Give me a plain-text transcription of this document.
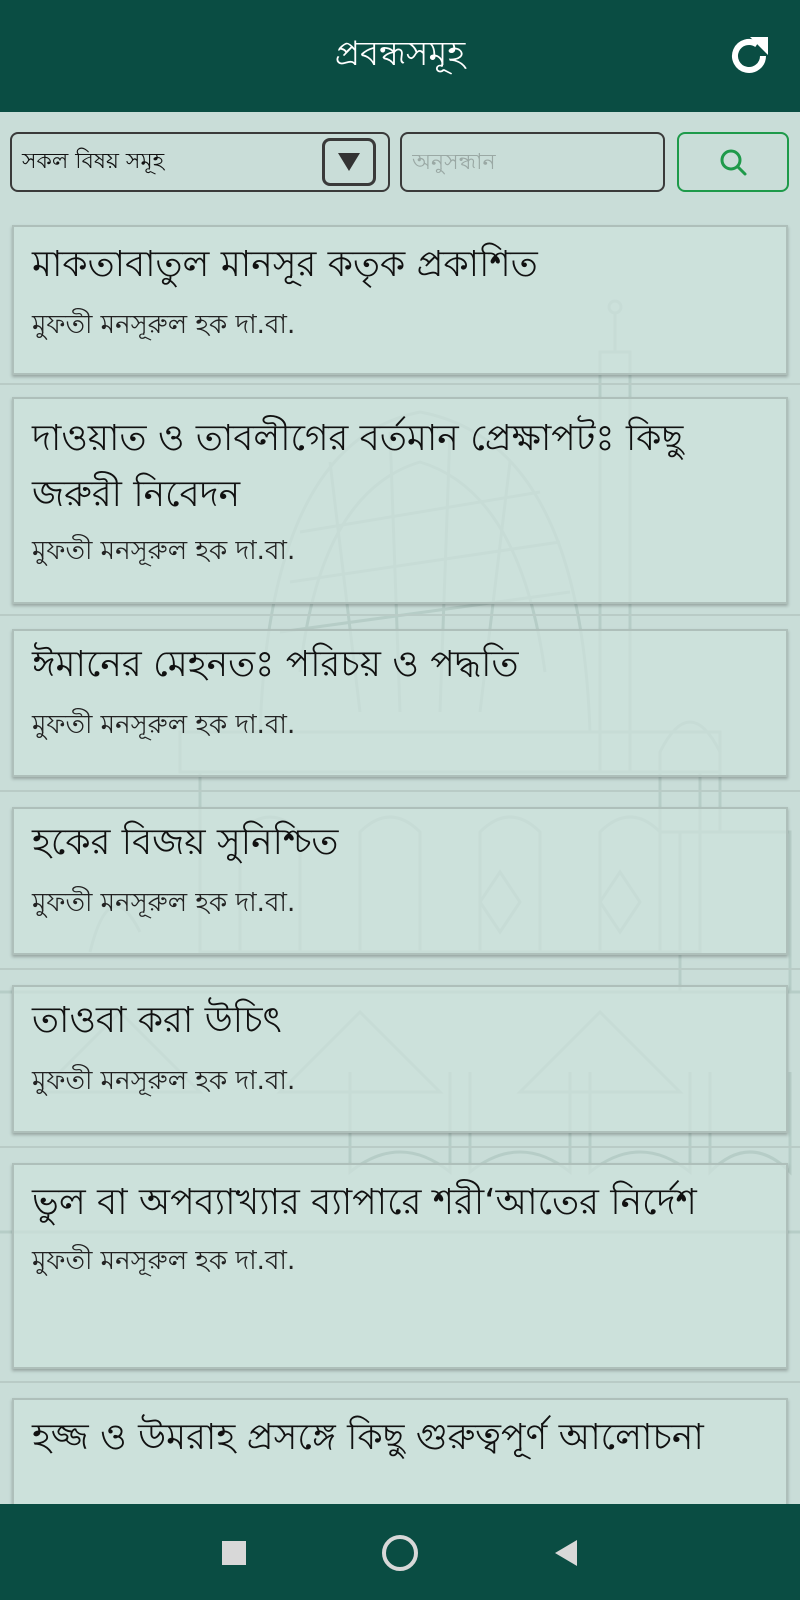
প্রবন্ধসমূহ
সকল বিষয় সমূহ
অনুসন্ধান
মাকতাবাতুল মানসূর কতৃক প্রকাশিত
মুফতী মনসূরুল হক দা.বা.
দাওয়াত ও তাবলীগের বর্তমান প্রেক্ষাপটঃ কিছু জরুরী নিবেদন
মুফতী মনসূরুল হক দা.বা.
ঈমানের মেহনতঃ পরিচয় ও পদ্ধতি
মুফতী মনসূরুল হক দা.বা.
হকের বিজয় সুনিশ্চিত
মুফতী মনসূরুল হক দা.বা.
তাওবা করা উচিৎ
মুফতী মনসূরুল হক দা.বা.
ভুল বা অপব্যাখ্যার ব্যাপারে শরী‘আতের নির্দেশ
মুফতী মনসূরুল হক দা.বা.
হজ্জ ও উমরাহ প্রসঙ্গে কিছু গুরুত্বপূর্ণ আলোচনা
